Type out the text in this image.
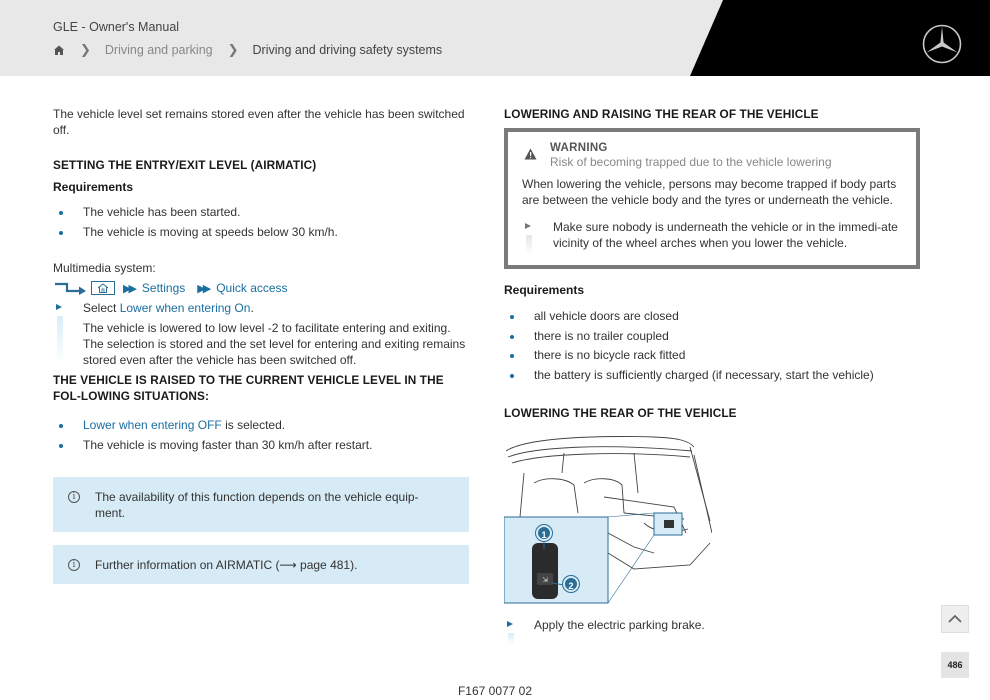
GLE - Owner's Manual
❯ Driving and parking ❯ Driving and driving safety systems
The vehicle level set remains stored even after the vehicle has been switched off.
SETTING THE ENTRY/EXIT LEVEL (AIRMATIC)
Requirements
The vehicle has been started.
The vehicle is moving at speeds below 30 km/h.
Multimedia system:
▶▶ Settings ▶▶ Quick access
Select Lower when entering On.
The vehicle is lowered to low level -2 to facilitate entering and exiting.
The selection is stored and the set level for entering and exiting remains stored even after the vehicle has been switched off.
THE VEHICLE IS RAISED TO THE CURRENT VEHICLE LEVEL IN THE FOL-LOWING SITUATIONS:
Lower when entering OFF is selected.
The vehicle is moving faster than 30 km/h after restart.
i	The availability of this function depends on the vehicle equip-ment.
i	Further information on AIRMATIC (⟶ page 481).
LOWERING AND RAISING THE REAR OF THE VEHICLE
WARNING
Risk of becoming trapped due to the vehicle lowering
When lowering the vehicle, persons may become trapped if body parts are between the vehicle body and the tyres or underneath the vehicle.
Make sure nobody is underneath the vehicle or in the immedi-ate vicinity of the wheel arches when you lower the vehicle.
Requirements
all vehicle doors are closed
there is no trailer coupled
there is no bicycle rack fitted
the battery is sufficiently charged (if necessary, start the vehicle)
LOWERING THE REAR OF THE VEHICLE
⇲
1
2
Apply the electric parking brake.
F167 0077 02
486
